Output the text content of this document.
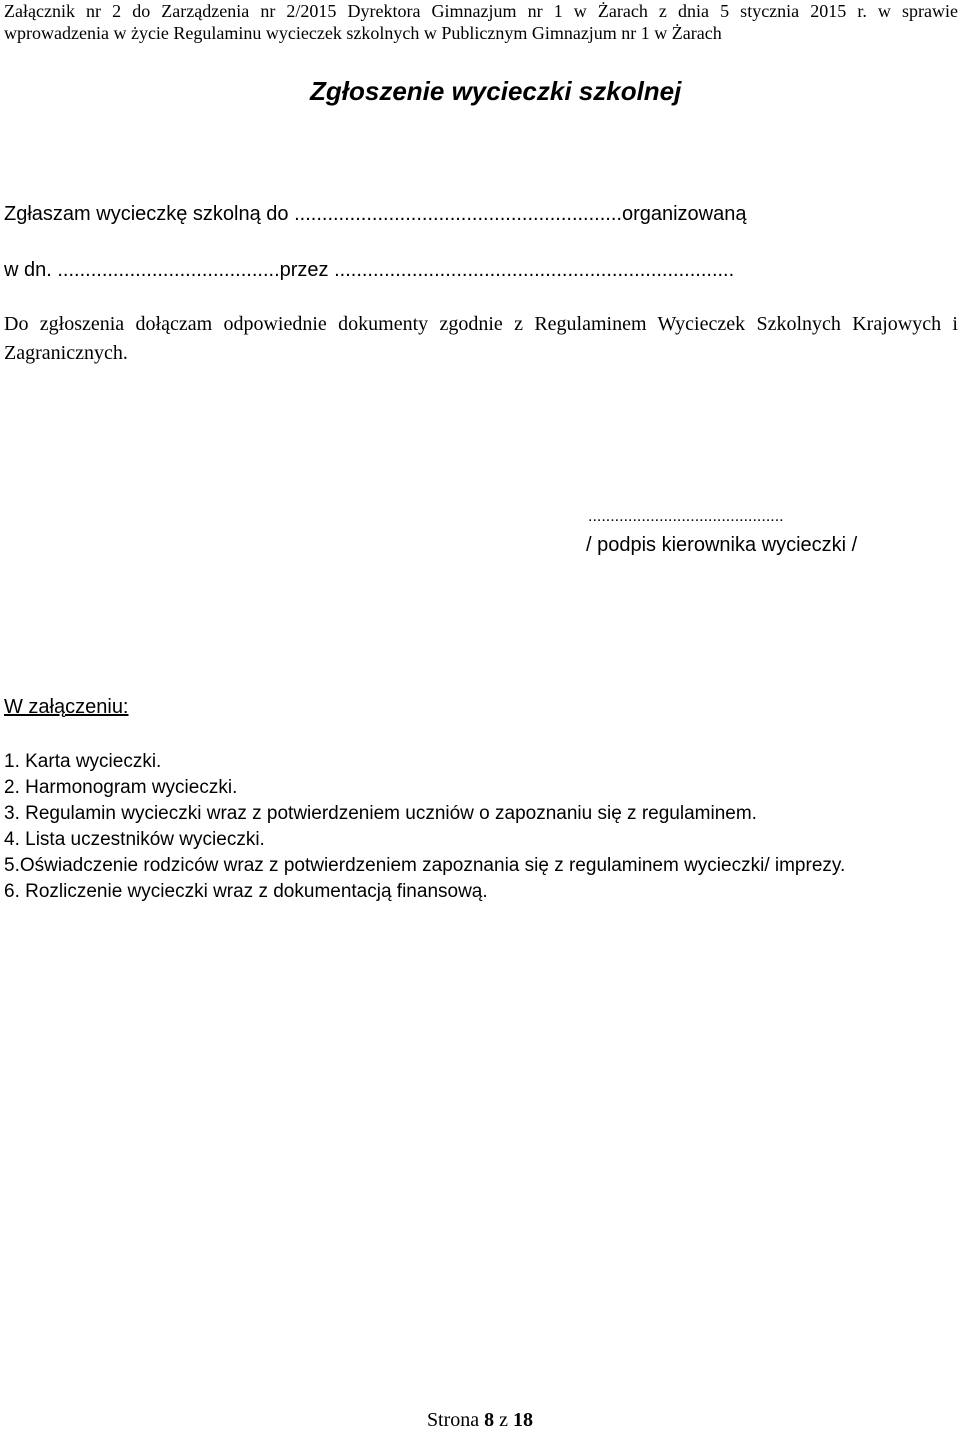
Załącznik nr 2 do Zarządzenia nr 2/2015 Dyrektora Gimnazjum nr 1 w Żarach z dnia 5 stycznia 2015 r. w sprawie
wprowadzenia w życie Regulaminu wycieczek szkolnych w Publicznym Gimnazjum nr 1 w Żarach
Zgłoszenie wycieczki szkolnej
Zgłaszam wycieczkę szkolną do ...........................................................organizowaną
w dn. ........................................przez ........................................................................
Do zgłoszenia dołączam odpowiednie dokumenty zgodnie z Regulaminem Wycieczek Szkolnych Krajowych i Zagranicznych.
............................................
/ podpis kierownika wycieczki /
W załączeniu:
1. Karta wycieczki.
2. Harmonogram wycieczki.
3. Regulamin wycieczki wraz z potwierdzeniem uczniów o zapoznaniu się z regulaminem.
4. Lista uczestników wycieczki.
5.Oświadczenie rodziców wraz z potwierdzeniem zapoznania się z regulaminem wycieczki/ imprezy.
6. Rozliczenie wycieczki wraz z dokumentacją finansową.
Strona 8 z 18
